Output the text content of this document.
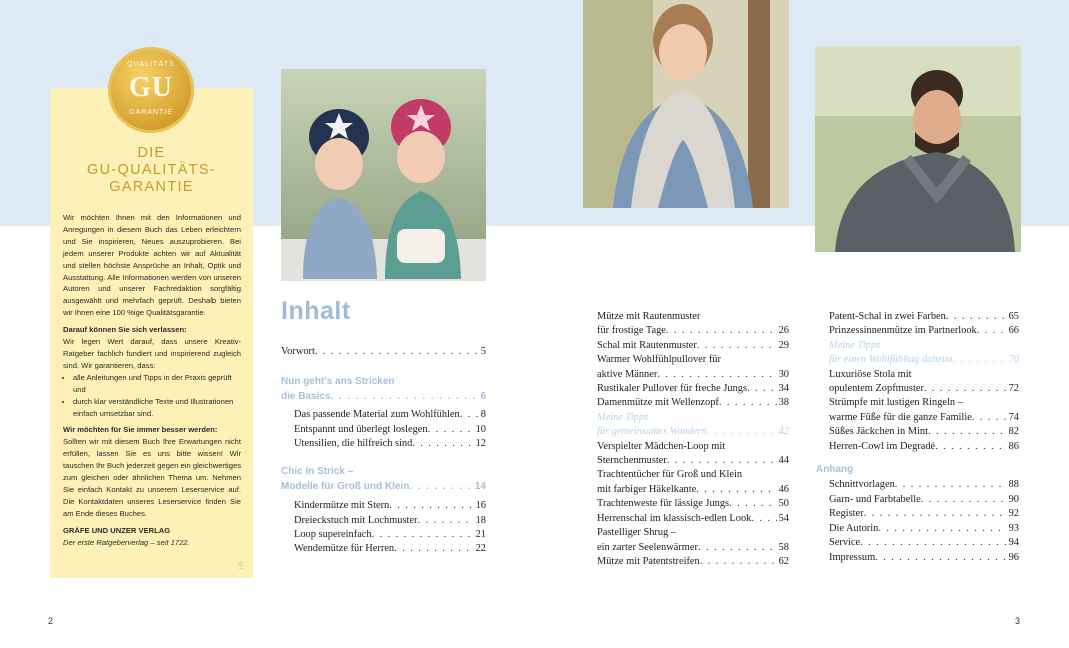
QUALITÄTS
GU
GARANTIE
DIE
GU-QUALITÄTS-
GARANTIE

Wir möchten Ihnen mit den Informationen und Anregungen in diesem Buch das Leben erleichtern und Sie inspirieren, Neues auszuprobieren. Bei jedem unserer Produkte achten wir auf Aktualität und stellen höchste Ansprüche an Inhalt, Optik und Ausstattung. Alle Informationen werden von unseren Autoren und unserer Fachredaktion sorgfältig ausgewählt und mehrfach geprüft. Deshalb bieten wir Ihnen eine 100 %ige Qualitätsgarantie.

Darauf können Sie sich verlassen:

Wir legen Wert darauf, dass unsere Kreativ-Ratgeber fachlich fundiert und inspirierend zugleich sind. Wir garantieren, dass:

• alle Anleitungen und Tipps in der Praxis geprüft und
• durch klar verständliche Texte und Illustrationen einfach umsetzbar sind.
Wir möchten für Sie immer besser werden:

Sollten wir mit diesem Buch Ihre Erwartungen nicht erfüllen, lassen Sie es uns bitte wissen! Wir tauschen Ihr Buch jederzeit gegen ein gleichwertiges zum gleichen oder ähnlichen Thema um. Nehmen Sie einfach Kontakt zu unserem Leserservice auf. Die Kontaktdaten unseres Leserservice finden Sie am Ende dieses Buches.

GRÄFE UND UNZER VERLAG
Der erste Ratgeberverlag – seit 1722.
HA
Inhalt
Vorwort . . .	5
Nun geht's ans Stricken
die Basics . . .	6
Das passende Material zum Wohlfühlen . . . 8
Entspannt und überlegt loslegen . . .	10
Utensilien, die hilfreich sind . . .	12
Chic in Strick –
Modelle für Groß und Klein . . .	14
Kindermütze mit Stern . . .	16
Dreieckstuch mit Lochmuster . . .	18
Loop supereinfach . . .	21
Wendemütze für Herren . . .	22
Mütze mit Rautenmuster
für frostige Tage . . .	26
Schal mit Rautenmuster . . .	29
Warmer Wohlfühlpullover für
aktive Männer . . .	30
Rustikaler Pullover für freche Jungs . . .	34
Damenmütze mit Wellenzopf . . .	38
Meine Tipps
für gemeinsames Wandern . . .	42
Verspielter Mädchen-Loop mit
Sternchenmuster . . .	44
Trachtentücher für Groß und Klein
mit farbiger Häkelkante . . .	46
Trachtenweste für lässige Jungs . . .	50
Herrenschal im klassisch-edlen Look . . .	54
Pastelliger Shrug –
ein zarter Seelenwärmer . . .	58
Mütze mit Patentstreifen . . .	62
Patent-Schal in zwei Farben . . .	65
Prinzessinnenmütze im Partnerlook . . .	66
Meine Tipps
für einen Wohlfühltag daheim . . .	70
Luxuriöse Stola mit
opulentem Zopfmuster . . .	72
Strümpfe mit lustigen Ringeln –
warme Füße für die ganze Familie . . .	74
Süßes Jäckchen in Mint . . .	82
Herren-Cowl im Degradé . . .	86
Anhang
Schnittvorlagen . . .	88
Garn- und Farbtabelle . . .	90
Register . . .	92
Die Autorin . . .	93
Service . . .	94
Impressum . . .	96
2	3
